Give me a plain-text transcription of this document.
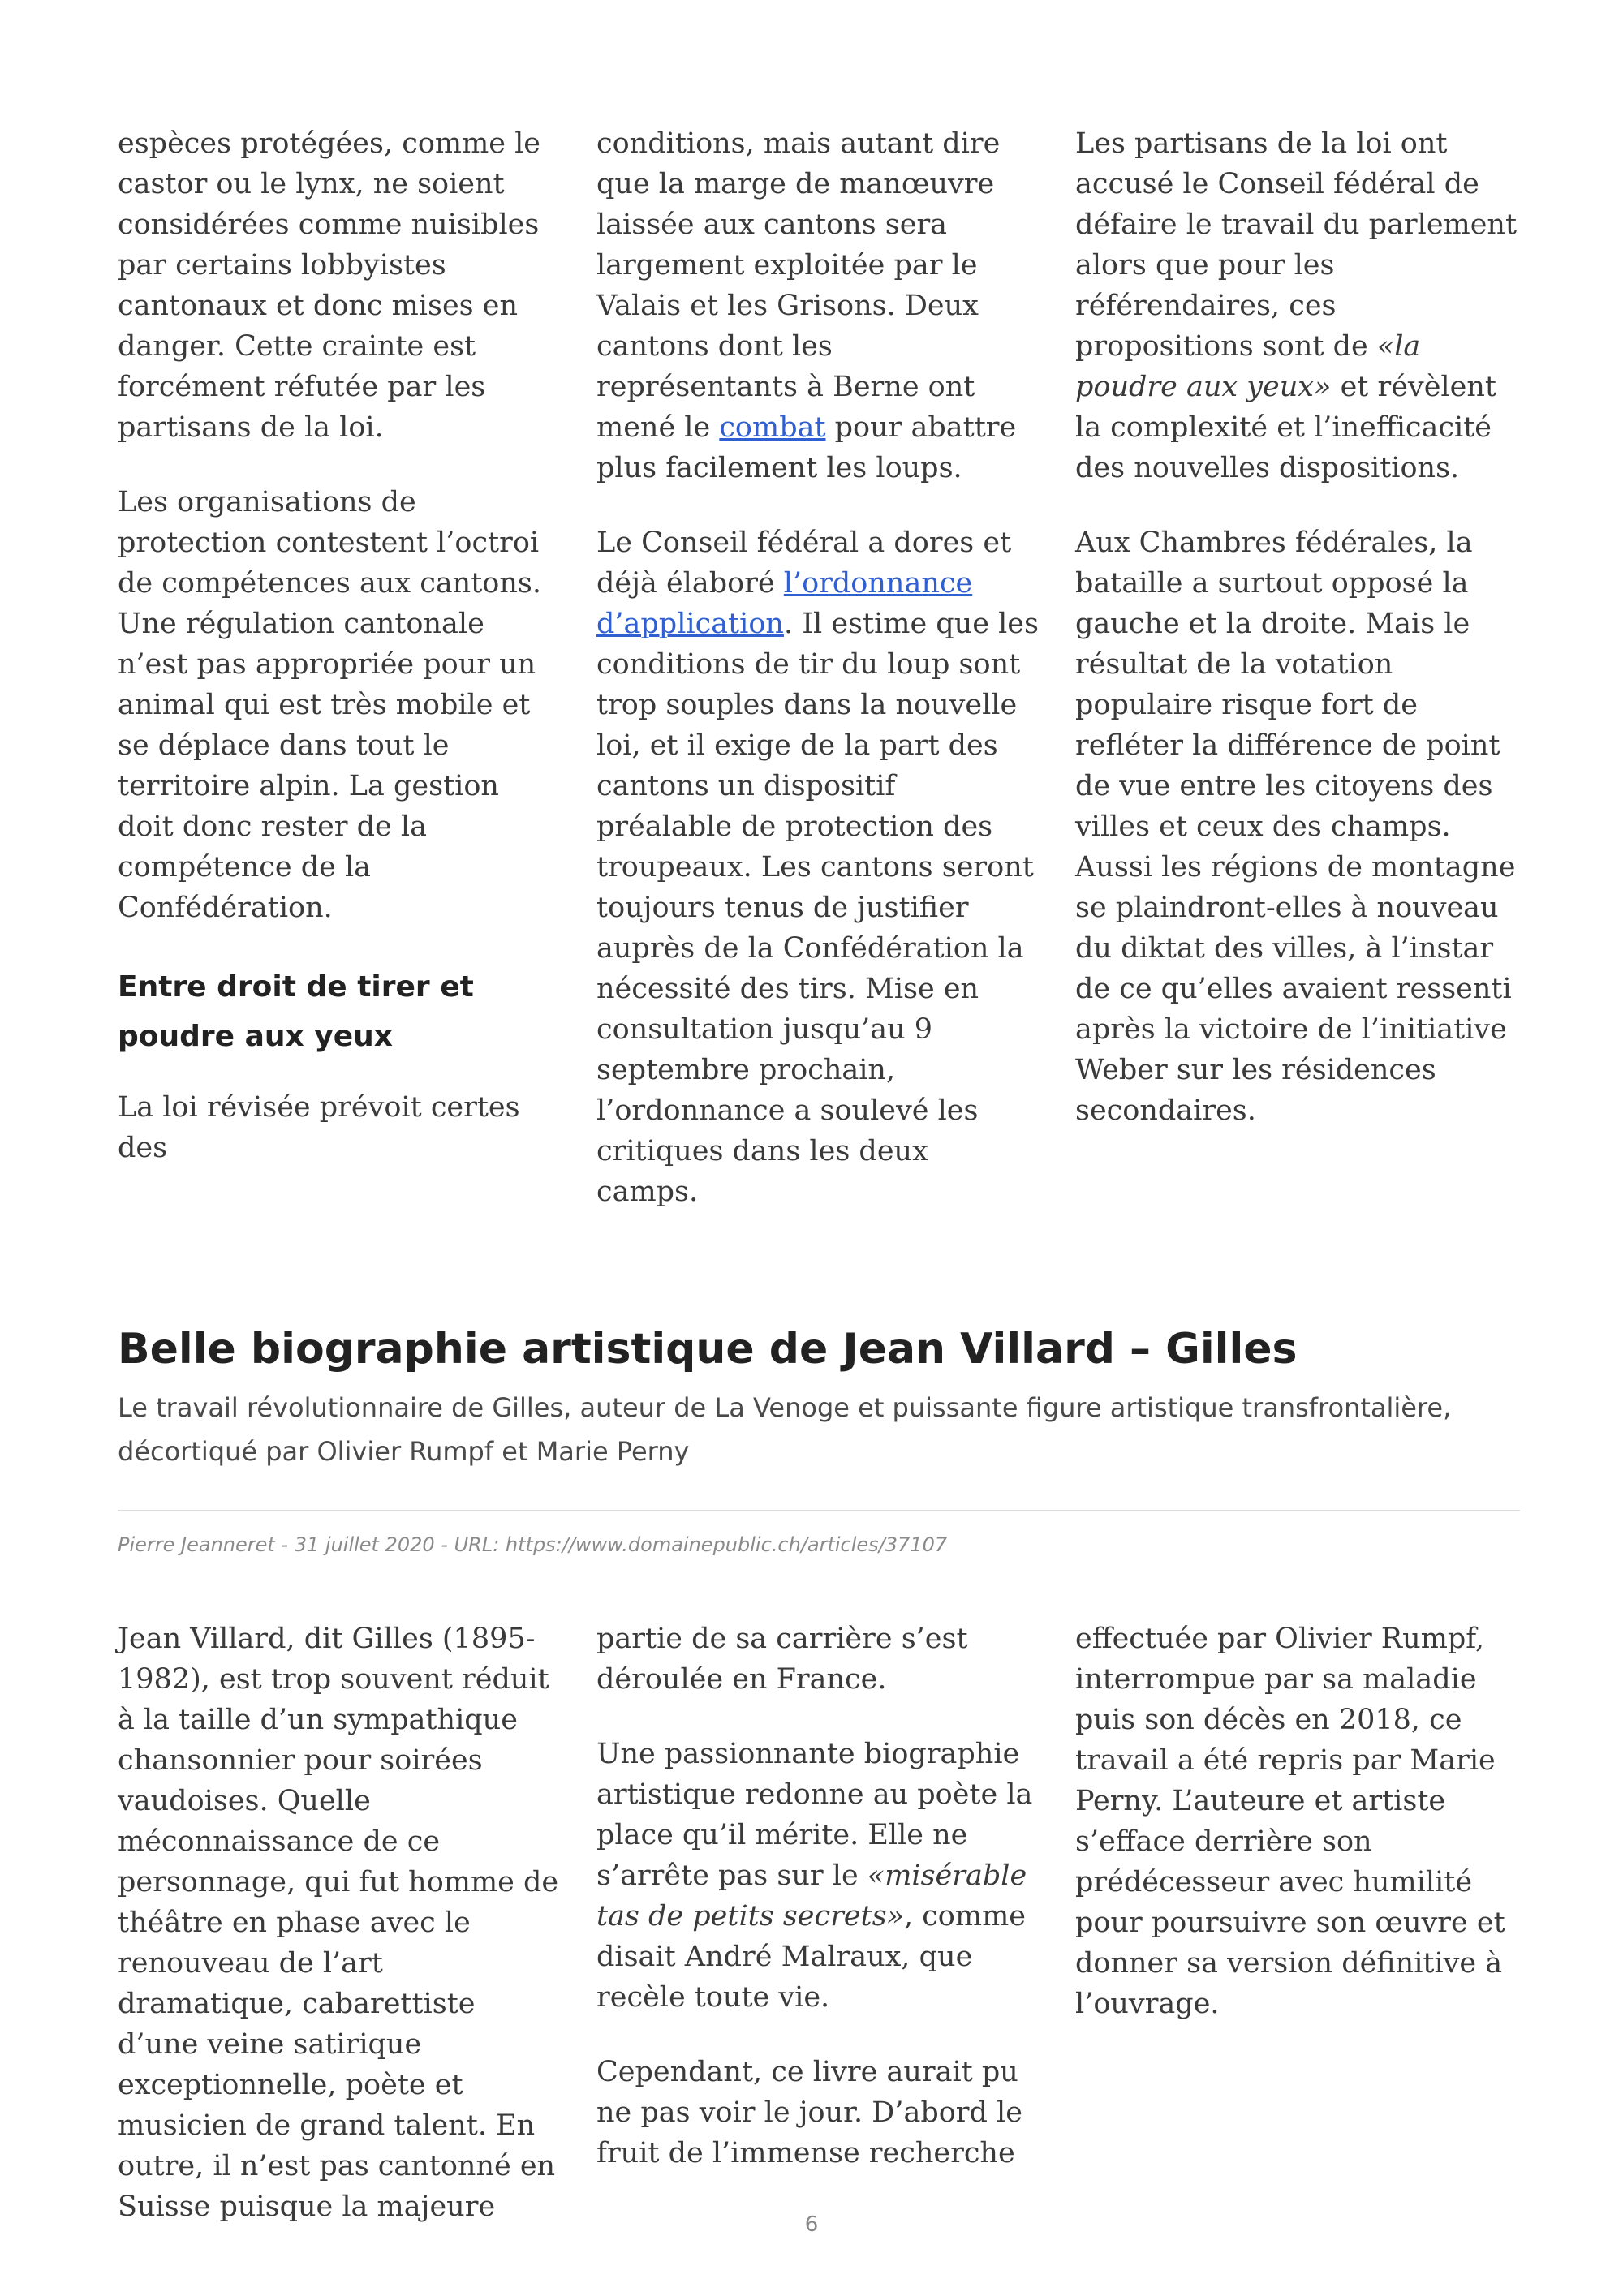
espèces protégées, comme le castor ou le lynx, ne soient considérées comme nuisibles par certains lobbyistes cantonaux et donc mises en danger. Cette crainte est forcément réfutée par les partisans de la loi.

Les organisations de protection contestent l’octroi de compétences aux cantons. Une régulation cantonale n’est pas appropriée pour un animal qui est très mobile et se déplace dans tout le territoire alpin. La gestion doit donc rester de la compétence de la Confédération.

Entre droit de tirer et poudre aux yeux

La loi révisée prévoit certes des

conditions, mais autant dire que la marge de manœuvre laissée aux cantons sera largement exploitée par le Valais et les Grisons. Deux cantons dont les représentants à Berne ont mené le combat pour abattre plus facilement les loups.

Le Conseil fédéral a dores et déjà élaboré l’ordonnance d’application. Il estime que les conditions de tir du loup sont trop souples dans la nouvelle loi, et il exige de la part des cantons un dispositif préalable de protection des troupeaux. Les cantons seront toujours tenus de justifier auprès de la Confédération la nécessité des tirs. Mise en consultation jusqu’au 9 septembre prochain, l’ordonnance a soulevé les critiques dans les deux camps.

Les partisans de la loi ont accusé le Conseil fédéral de défaire le travail du parlement alors que pour les référendaires, ces propositions sont de «la poudre aux yeux» et révèlent la complexité et l’inefficacité des nouvelles dispositions.

Aux Chambres fédérales, la bataille a surtout opposé la gauche et la droite. Mais le résultat de la votation populaire risque fort de refléter la différence de point de vue entre les citoyens des villes et ceux des champs. Aussi les régions de montagne se plaindront-elles à nouveau du diktat des villes, à l’instar de ce qu’elles avaient ressenti après la victoire de l’initiative Weber sur les résidences secondaires.

Belle biographie artistique de Jean Villard – Gilles

Le travail révolutionnaire de Gilles, auteur de La Venoge et puissante figure artistique transfrontalière, décortiqué par Olivier Rumpf et Marie Perny

Pierre Jeanneret - 31 juillet 2020 - URL: https://www.domainepublic.ch/articles/37107

Jean Villard, dit Gilles (1895-1982), est trop souvent réduit à la taille d’un sympathique chansonnier pour soirées vaudoises. Quelle méconnaissance de ce personnage, qui fut homme de théâtre en phase avec le renouveau de l’art dramatique, cabarettiste d’une veine satirique exceptionnelle, poète et musicien de grand talent. En outre, il n’est pas cantonné en Suisse puisque la majeure

partie de sa carrière s’est déroulée en France.

Une passionnante biographie artistique redonne au poète la place qu’il mérite. Elle ne s’arrête pas sur le «misérable tas de petits secrets», comme disait André Malraux, que recèle toute vie.

Cependant, ce livre aurait pu ne pas voir le jour. D’abord le fruit de l’immense recherche

effectuée par Olivier Rumpf, interrompue par sa maladie puis son décès en 2018, ce travail a été repris par Marie Perny. L’auteure et artiste s’efface derrière son prédécesseur avec humilité pour poursuivre son œuvre et donner sa version définitive à l’ouvrage.

6
